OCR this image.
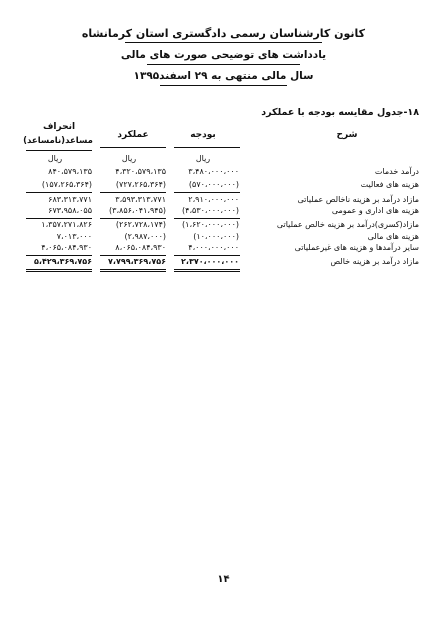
کانون کارشناسان رسمی دادگستری استان کرمانشاه
یادداشت های توضیحی صورت های مالی
سال مالی منتهی به ۲۹ اسفند۱۳۹۵
۱۸-جدول مقایسه بودجه با عملکرد
شرح
بودجه
عملکرد
انحراف
مساعد(نامساعد)
ریال
ریال
ریال
درآمد خدمات
۳،۴۸۰،۰۰۰،۰۰۰
۴،۳۲۰،۵۷۹،۱۳۵
۸۴۰،۵۷۹،۱۳۵
هزینه های فعالیت
(۵۷۰،۰۰۰،۰۰۰)
(۷۲۷،۲۶۵،۳۶۴)
(۱۵۷،۲۶۵،۳۶۴)
مازاد درآمد بر هزینه ناخالص عملیاتی
۲،۹۱۰،۰۰۰،۰۰۰
۳،۵۹۳،۳۱۳،۷۷۱
۶۸۳،۳۱۳،۷۷۱
هزینه های اداری و عمومی
(۴،۵۳۰،۰۰۰،۰۰۰)
(۳،۸۵۶،۰۴۱،۹۴۵)
۶۷۳،۹۵۸،۰۵۵
مازاد(کسری)درآمد بر هزینه خالص عملیاتی
(۱،۶۲۰،۰۰۰،۰۰۰)
(۲۶۲،۷۲۸،۱۷۴)
۱،۳۵۷،۲۷۱،۸۲۶
هزینه های مالی
(۱۰،۰۰۰،۰۰۰)
(۲،۹۸۷،۰۰۰)
۷،۰۱۳،۰۰۰
سایر درآمدها و هزینه های غیرعملیاتی
۴،۰۰۰،۰۰۰،۰۰۰
۸،۰۶۵،۰۸۴،۹۳۰
۴،۰۶۵،۰۸۴،۹۳۰
مازاد درآمد بر هزینه خالص
۲،۳۷۰،۰۰۰،۰۰۰
۷،۷۹۹،۳۶۹،۷۵۶
۵،۴۲۹،۳۶۹،۷۵۶
۱۴
